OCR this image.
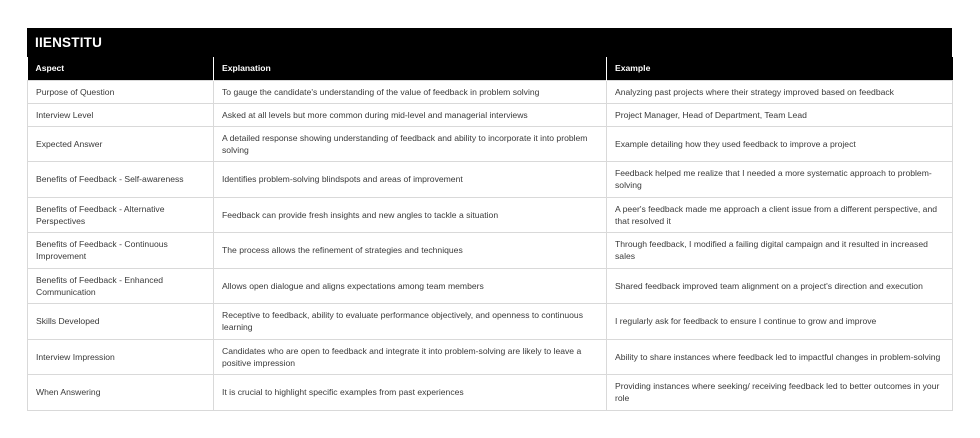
IIENSTITU
Aspect	Explanation	Example
Purpose of Question	To gauge the candidate's understanding of the value of feedback in problem solving	Analyzing past projects where their strategy improved based on feedback
Interview Level	Asked at all levels but more common during mid-level and managerial interviews	Project Manager, Head of Department, Team Lead
Expected Answer	A detailed response showing understanding of feedback and ability to incorporate it into problem solving	Example detailing how they used feedback to improve a project
Benefits of Feedback - Self-awareness	Identifies problem-solving blindspots and areas of improvement	Feedback helped me realize that I needed a more systematic approach to problem-solving
Benefits of Feedback - Alternative Perspectives	Feedback can provide fresh insights and new angles to tackle a situation	A peer's feedback made me approach a client issue from a different perspective, and that resolved it
Benefits of Feedback - Continuous Improvement	The process allows the refinement of strategies and techniques	Through feedback, I modified a failing digital campaign and it resulted in increased sales
Benefits of Feedback - Enhanced Communication	Allows open dialogue and aligns expectations among team members	Shared feedback improved team alignment on a project's direction and execution
Skills Developed	Receptive to feedback, ability to evaluate performance objectively, and openness to continuous learning	I regularly ask for feedback to ensure I continue to grow and improve
Interview Impression	Candidates who are open to feedback and integrate it into problem-solving are likely to leave a positive impression	Ability to share instances where feedback led to impactful changes in problem-solving
When Answering	It is crucial to highlight specific examples from past experiences	Providing instances where seeking/ receiving feedback led to better outcomes in your role
